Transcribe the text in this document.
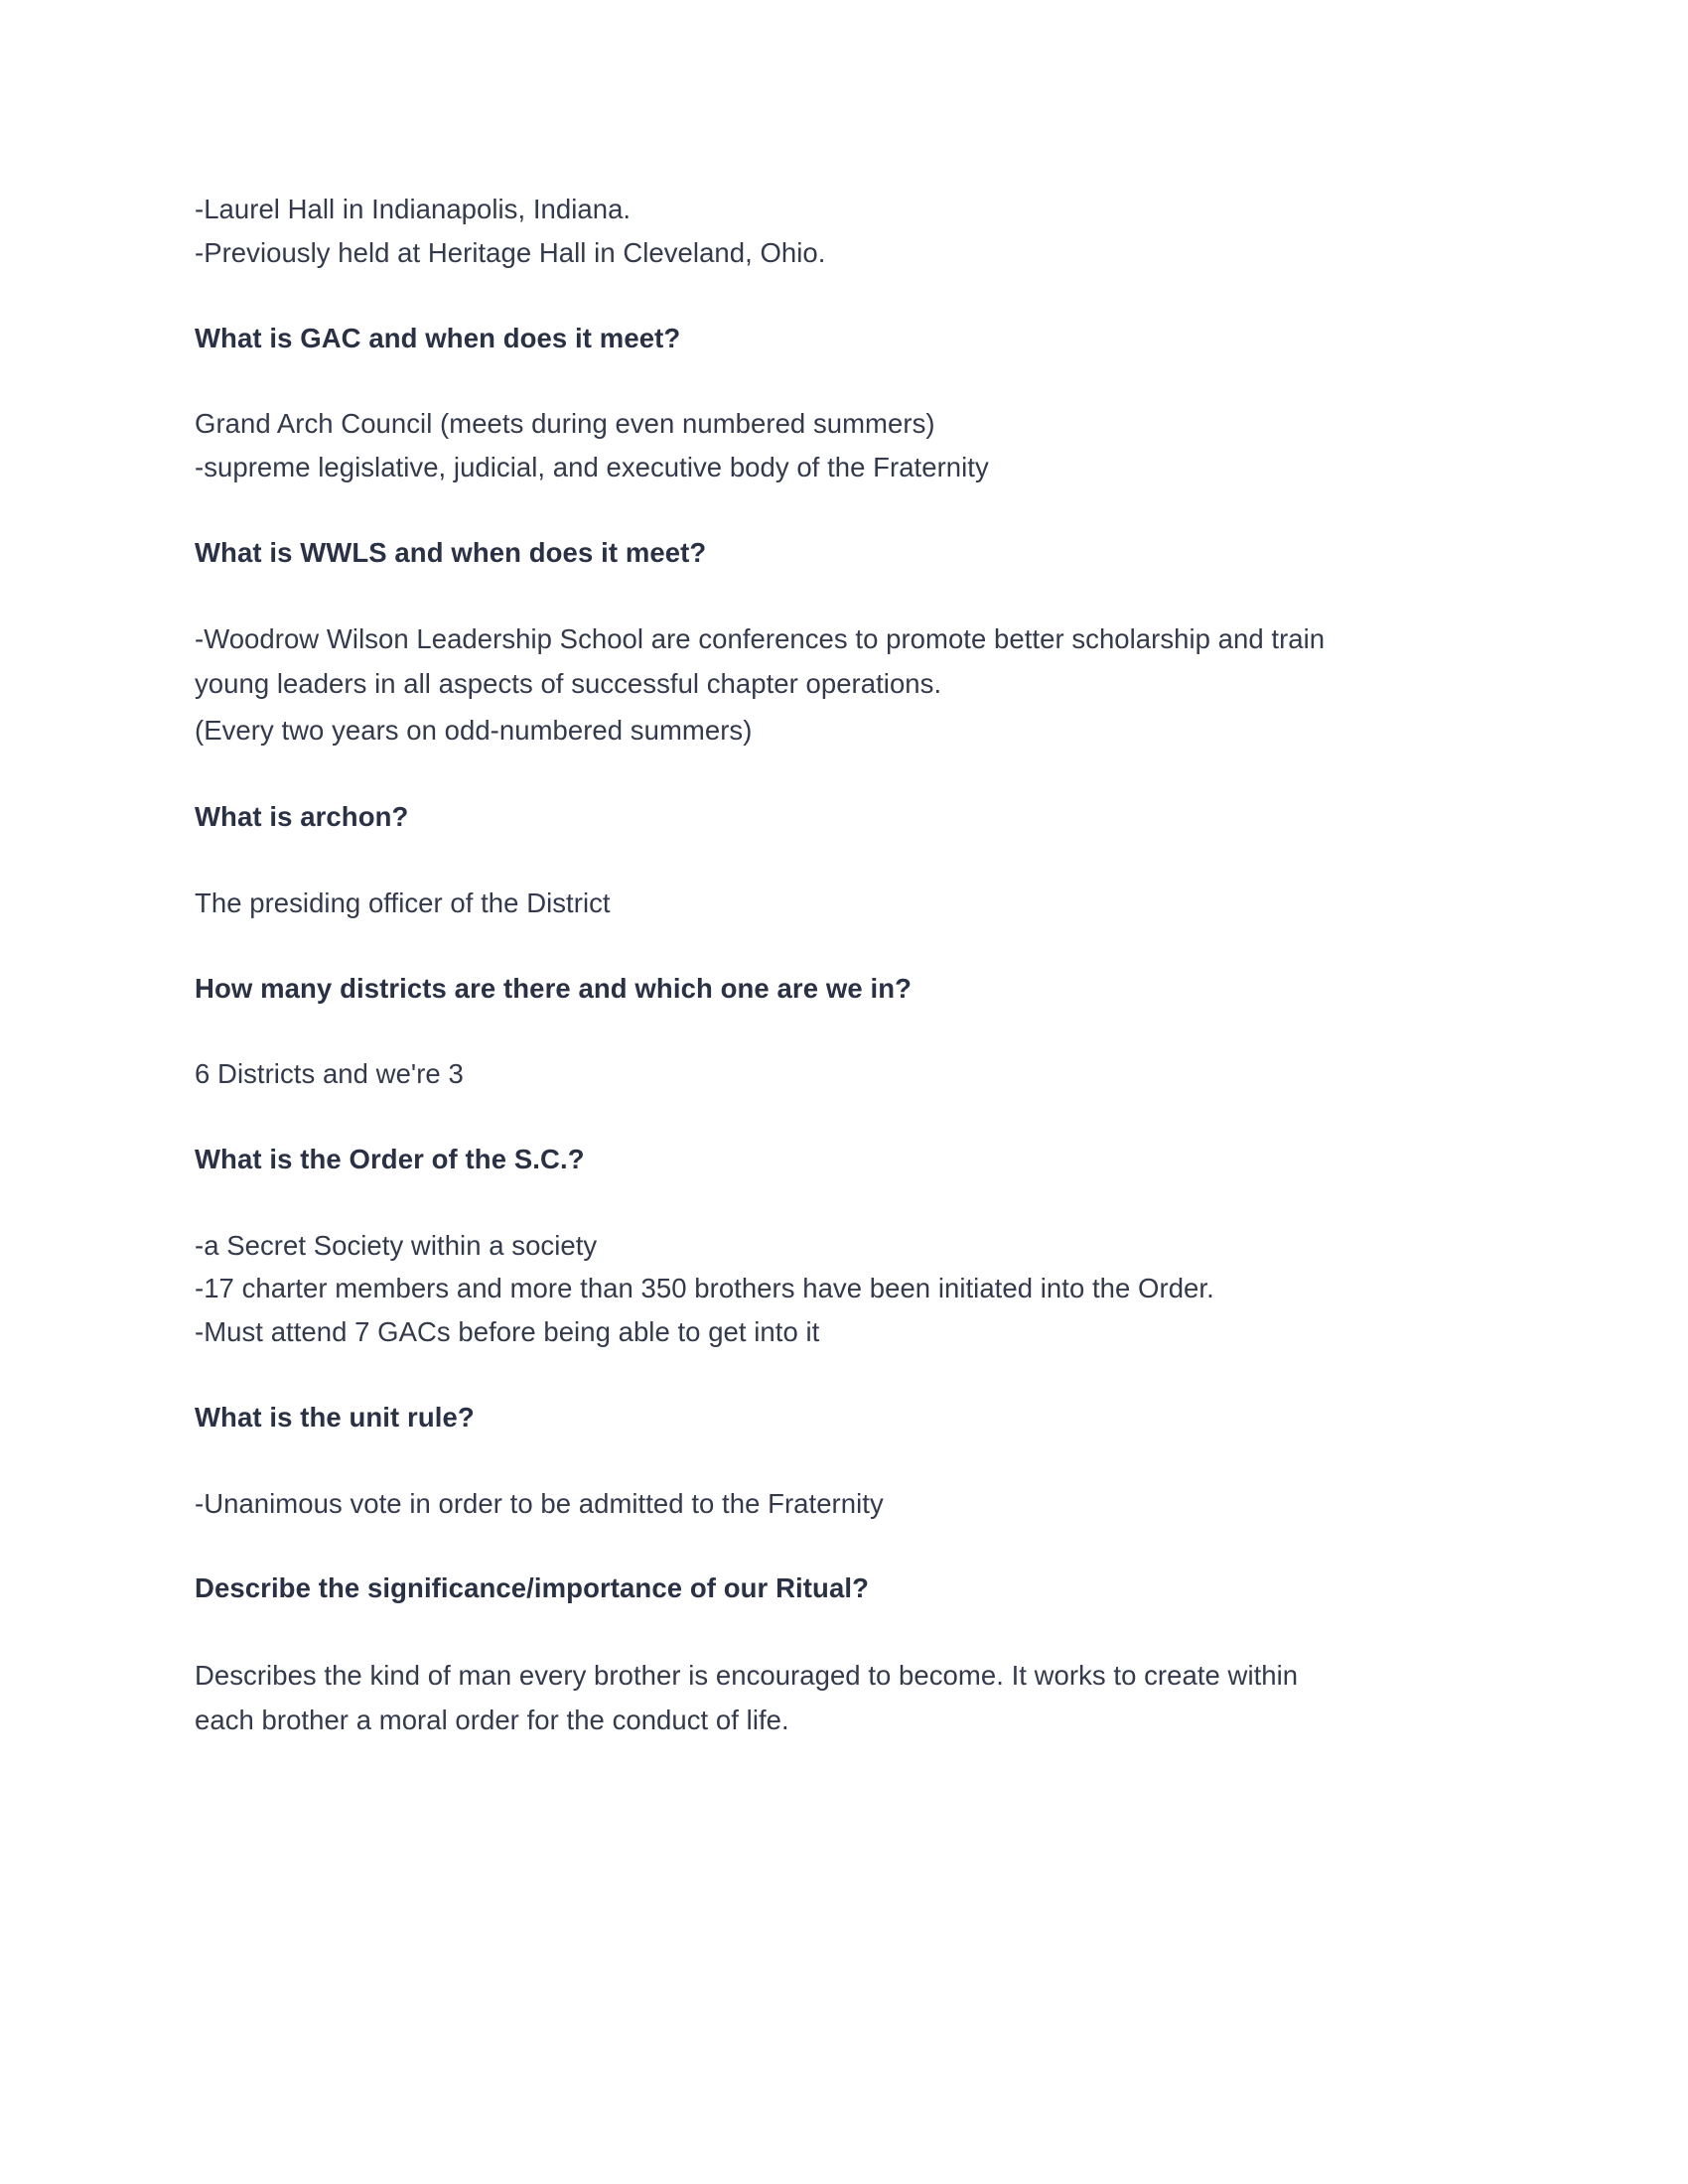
-Laurel Hall in Indianapolis, Indiana.
-Previously held at Heritage Hall in Cleveland, Ohio.
What is GAC and when does it meet?
Grand Arch Council (meets during even numbered summers)
-supreme legislative, judicial, and executive body of the Fraternity
What is WWLS and when does it meet?
-Woodrow Wilson Leadership School are conferences to promote better scholarship and train young leaders in all aspects of successful chapter operations.
(Every two years on odd-numbered summers)
What is archon?
The presiding officer of the District
How many districts are there and which one are we in?
6 Districts and we're 3
What is the Order of the S.C.?
-a Secret Society within a society
-17 charter members and more than 350 brothers have been initiated into the Order.
-Must attend 7 GACs before being able to get into it
What is the unit rule?
-Unanimous vote in order to be admitted to the Fraternity
Describe the significance/importance of our Ritual?
Describes the kind of man every brother is encouraged to become. It works to create within each brother a moral order for the conduct of life.
